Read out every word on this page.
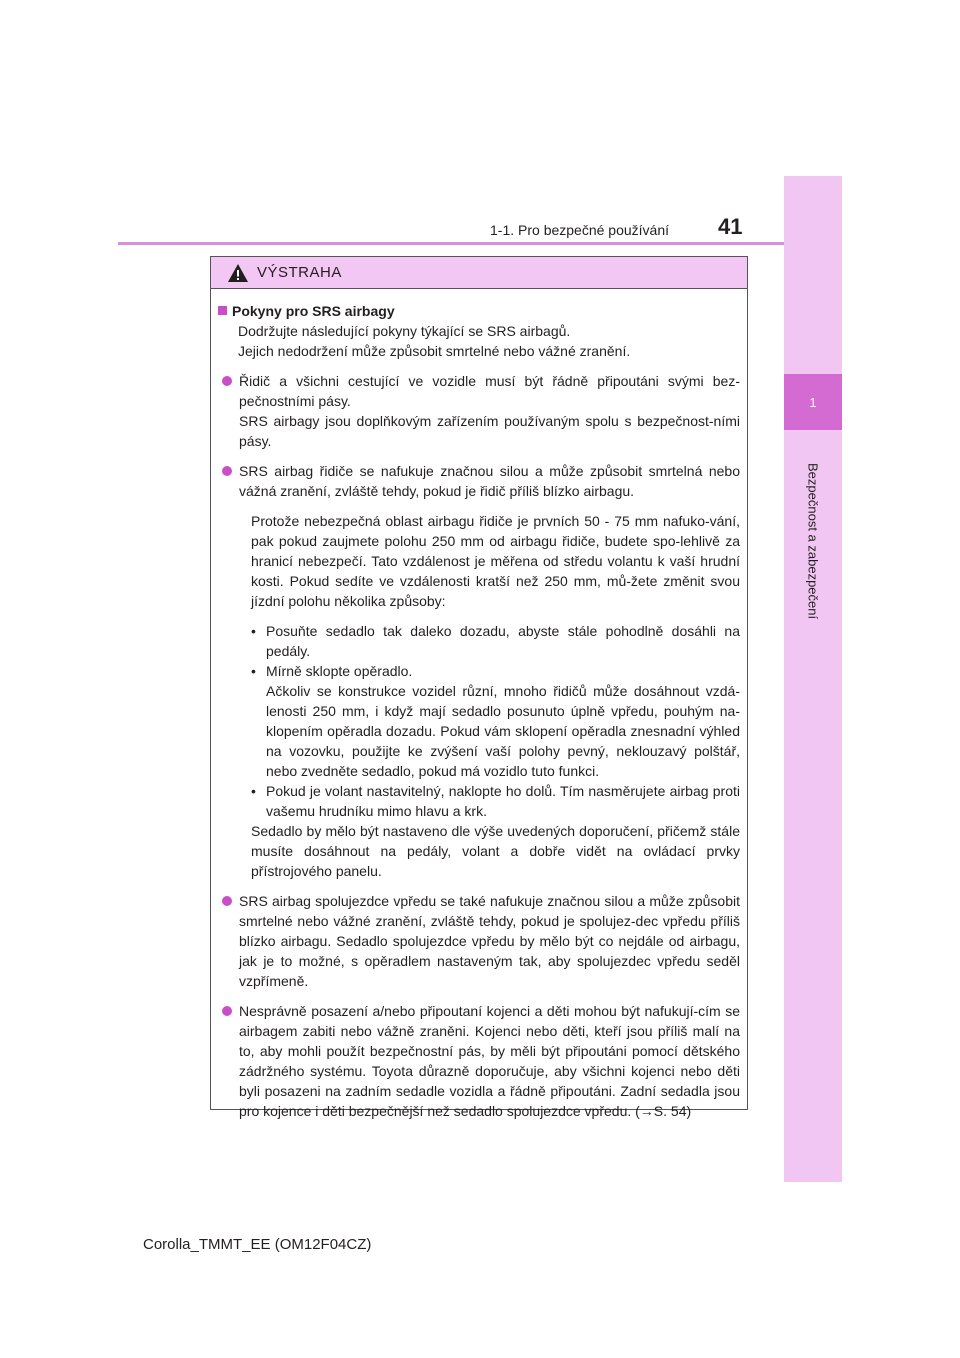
1
Bezpečnost a zabezpečení
1-1. Pro bezpečné používání 41
VÝSTRAHA
Pokyny pro SRS airbagy

Dodržujte následující pokyny týkající se SRS airbagů.

Jejich nedodržení může způsobit smrtelné nebo vážné zranění.

Řidič a všichni cestující ve vozidle musí být řádně připoutáni svými bez-pečnostními pásy.

SRS airbagy jsou doplňkovým zařízením používaným spolu s bezpečnost-ními pásy.

SRS airbag řidiče se nafukuje značnou silou a může způsobit smrtelná nebo vážná zranění, zvláště tehdy, pokud je řidič příliš blízko airbagu.

Protože nebezpečná oblast airbagu řidiče je prvních 50 - 75 mm nafuko-vání, pak pokud zaujmete polohu 250 mm od airbagu řidiče, budete spo-lehlivě za hranicí nebezpečí. Tato vzdálenost je měřena od středu volantu k vaší hrudní kosti. Pokud sedíte ve vzdálenosti kratší než 250 mm, mů-žete změnit svou jízdní polohu několika způsoby:

• Posuňte sedadlo tak daleko dozadu, abyste stále pohodlně dosáhli na pedály.

• Mírně sklopte opěradlo.

Ačkoliv se konstrukce vozidel různí, mnoho řidičů může dosáhnout vzdá-lenosti 250 mm, i když mají sedadlo posunuto úplně vpředu, pouhým na-klopením opěradla dozadu. Pokud vám sklopení opěradla znesnadní výhled na vozovku, použijte ke zvýšení vaší polohy pevný, neklouzavý polštář, nebo zvedněte sedadlo, pokud má vozidlo tuto funkci.

• Pokud je volant nastavitelný, naklopte ho dolů. Tím nasměrujete airbag proti vašemu hrudníku mimo hlavu a krk.

Sedadlo by mělo být nastaveno dle výše uvedených doporučení, přičemž stále musíte dosáhnout na pedály, volant a dobře vidět na ovládací prvky přístrojového panelu.

SRS airbag spolujezdce vpředu se také nafukuje značnou silou a může způsobit smrtelné nebo vážné zranění, zvláště tehdy, pokud je spolujez-dec vpředu příliš blízko airbagu. Sedadlo spolujezdce vpředu by mělo být co nejdále od airbagu, jak je to možné, s opěradlem nastaveným tak, aby spolujezdec vpředu seděl vzpřímeně.

Nesprávně posazení a/nebo připoutaní kojenci a děti mohou být nafukují-cím se airbagem zabiti nebo vážně zraněni. Kojenci nebo děti, kteří jsou příliš malí na to, aby mohli použít bezpečnostní pás, by měli být připoutáni pomocí dětského zádržného systému. Toyota důrazně doporučuje, aby všichni kojenci nebo děti byli posazeni na zadním sedadle vozidla a řádně připoutáni. Zadní sedadla jsou pro kojence i děti bezpečnější než sedadlo spolujezdce vpředu. (→S. 54)

Corolla_TMMT_EE (OM12F04CZ)
